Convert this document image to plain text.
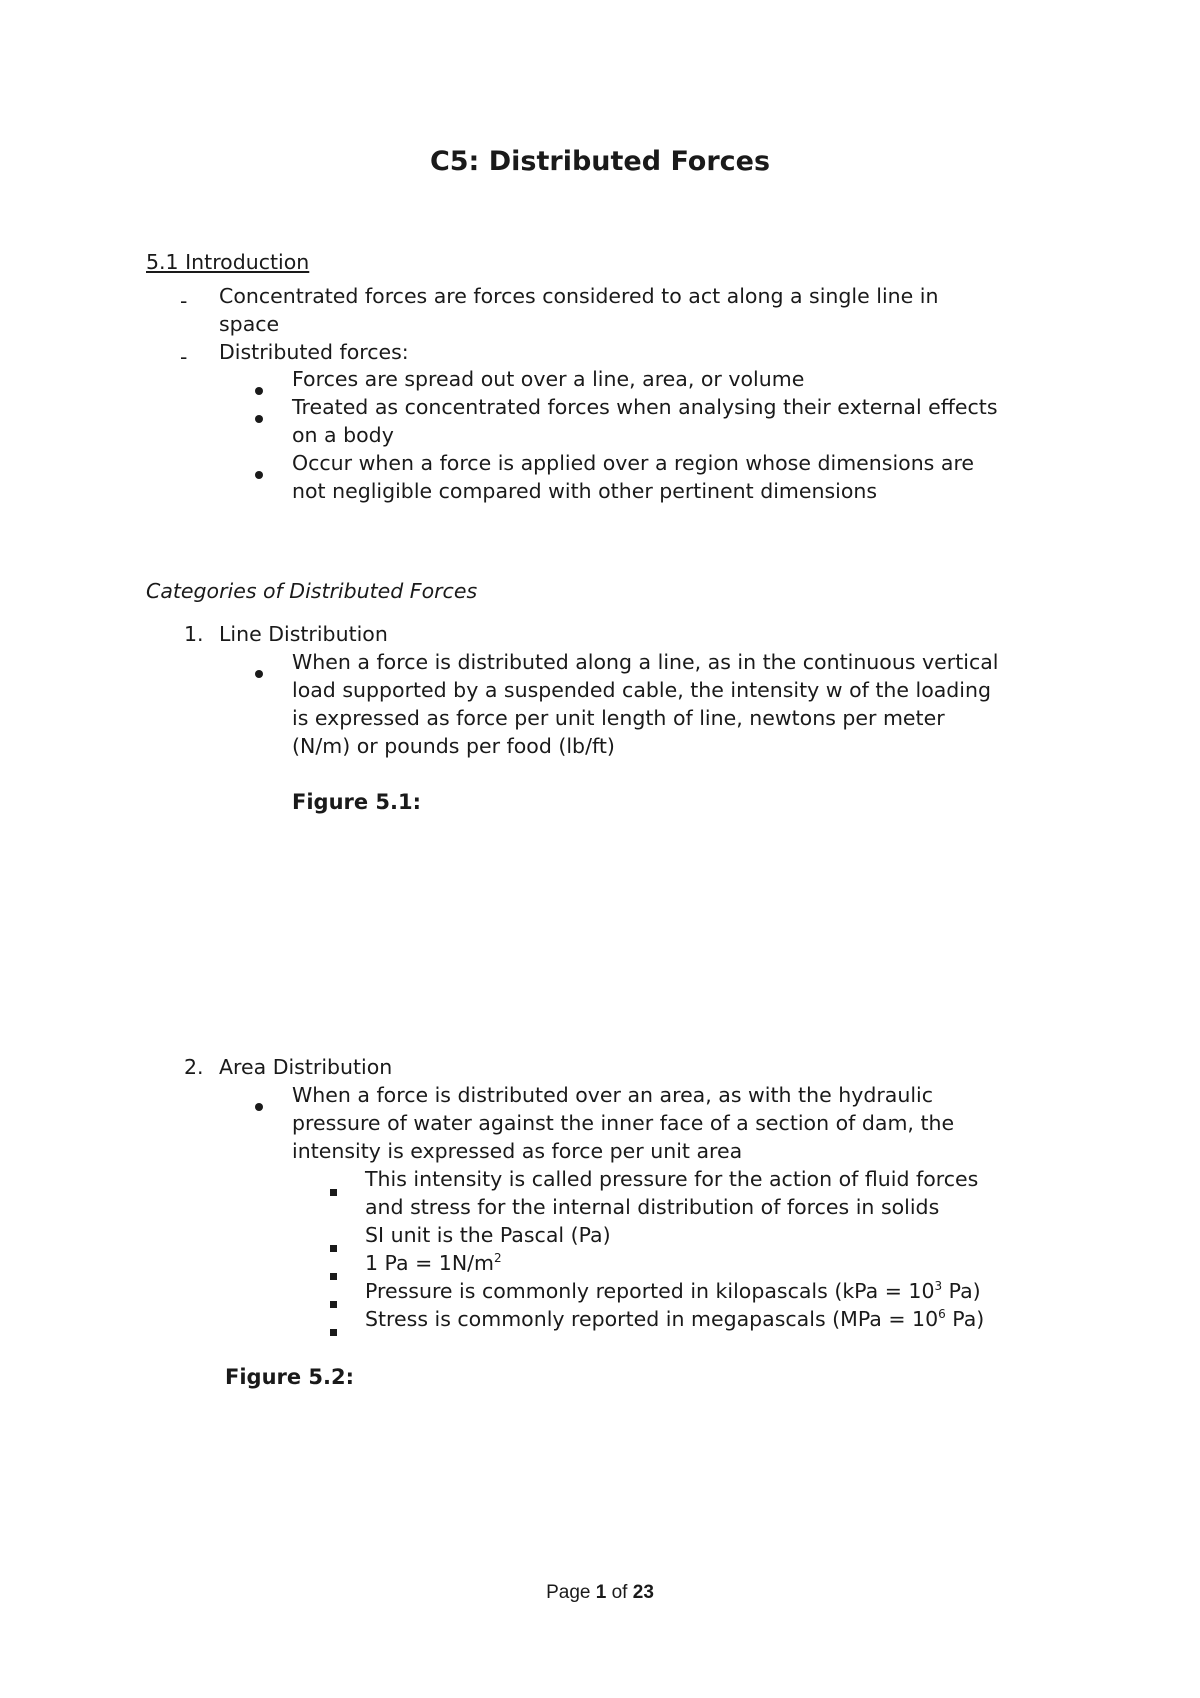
C5: Distributed Forces
5.1 Introduction
- Concentrated forces are forces considered to act along a single line in
space
- Distributed forces:
Forces are spread out over a line, area, or volume
Treated as concentrated forces when analysing their external effects
on a body
Occur when a force is applied over a region whose dimensions are
not negligible compared with other pertinent dimensions
Categories of Distributed Forces
1. Line Distribution
When a force is distributed along a line, as in the continuous vertical
load supported by a suspended cable, the intensity w of the loading
is expressed as force per unit length of line, newtons per meter
(N/m) or pounds per food (lb/ft)
Figure 5.1:
2. Area Distribution
When a force is distributed over an area, as with the hydraulic
pressure of water against the inner face of a section of dam, the
intensity is expressed as force per unit area
This intensity is called pressure for the action of fluid forces
and stress for the internal distribution of forces in solids
SI unit is the Pascal (Pa)
1 $Pa = 1N/m^2$
Pressure is commonly reported in kilopascals ($kPa = 10^3$ Pa)
Stress is commonly reported in megapascals ($MPa = 10^6$ Pa)
Figure 5.2:
Page 1 of 23
